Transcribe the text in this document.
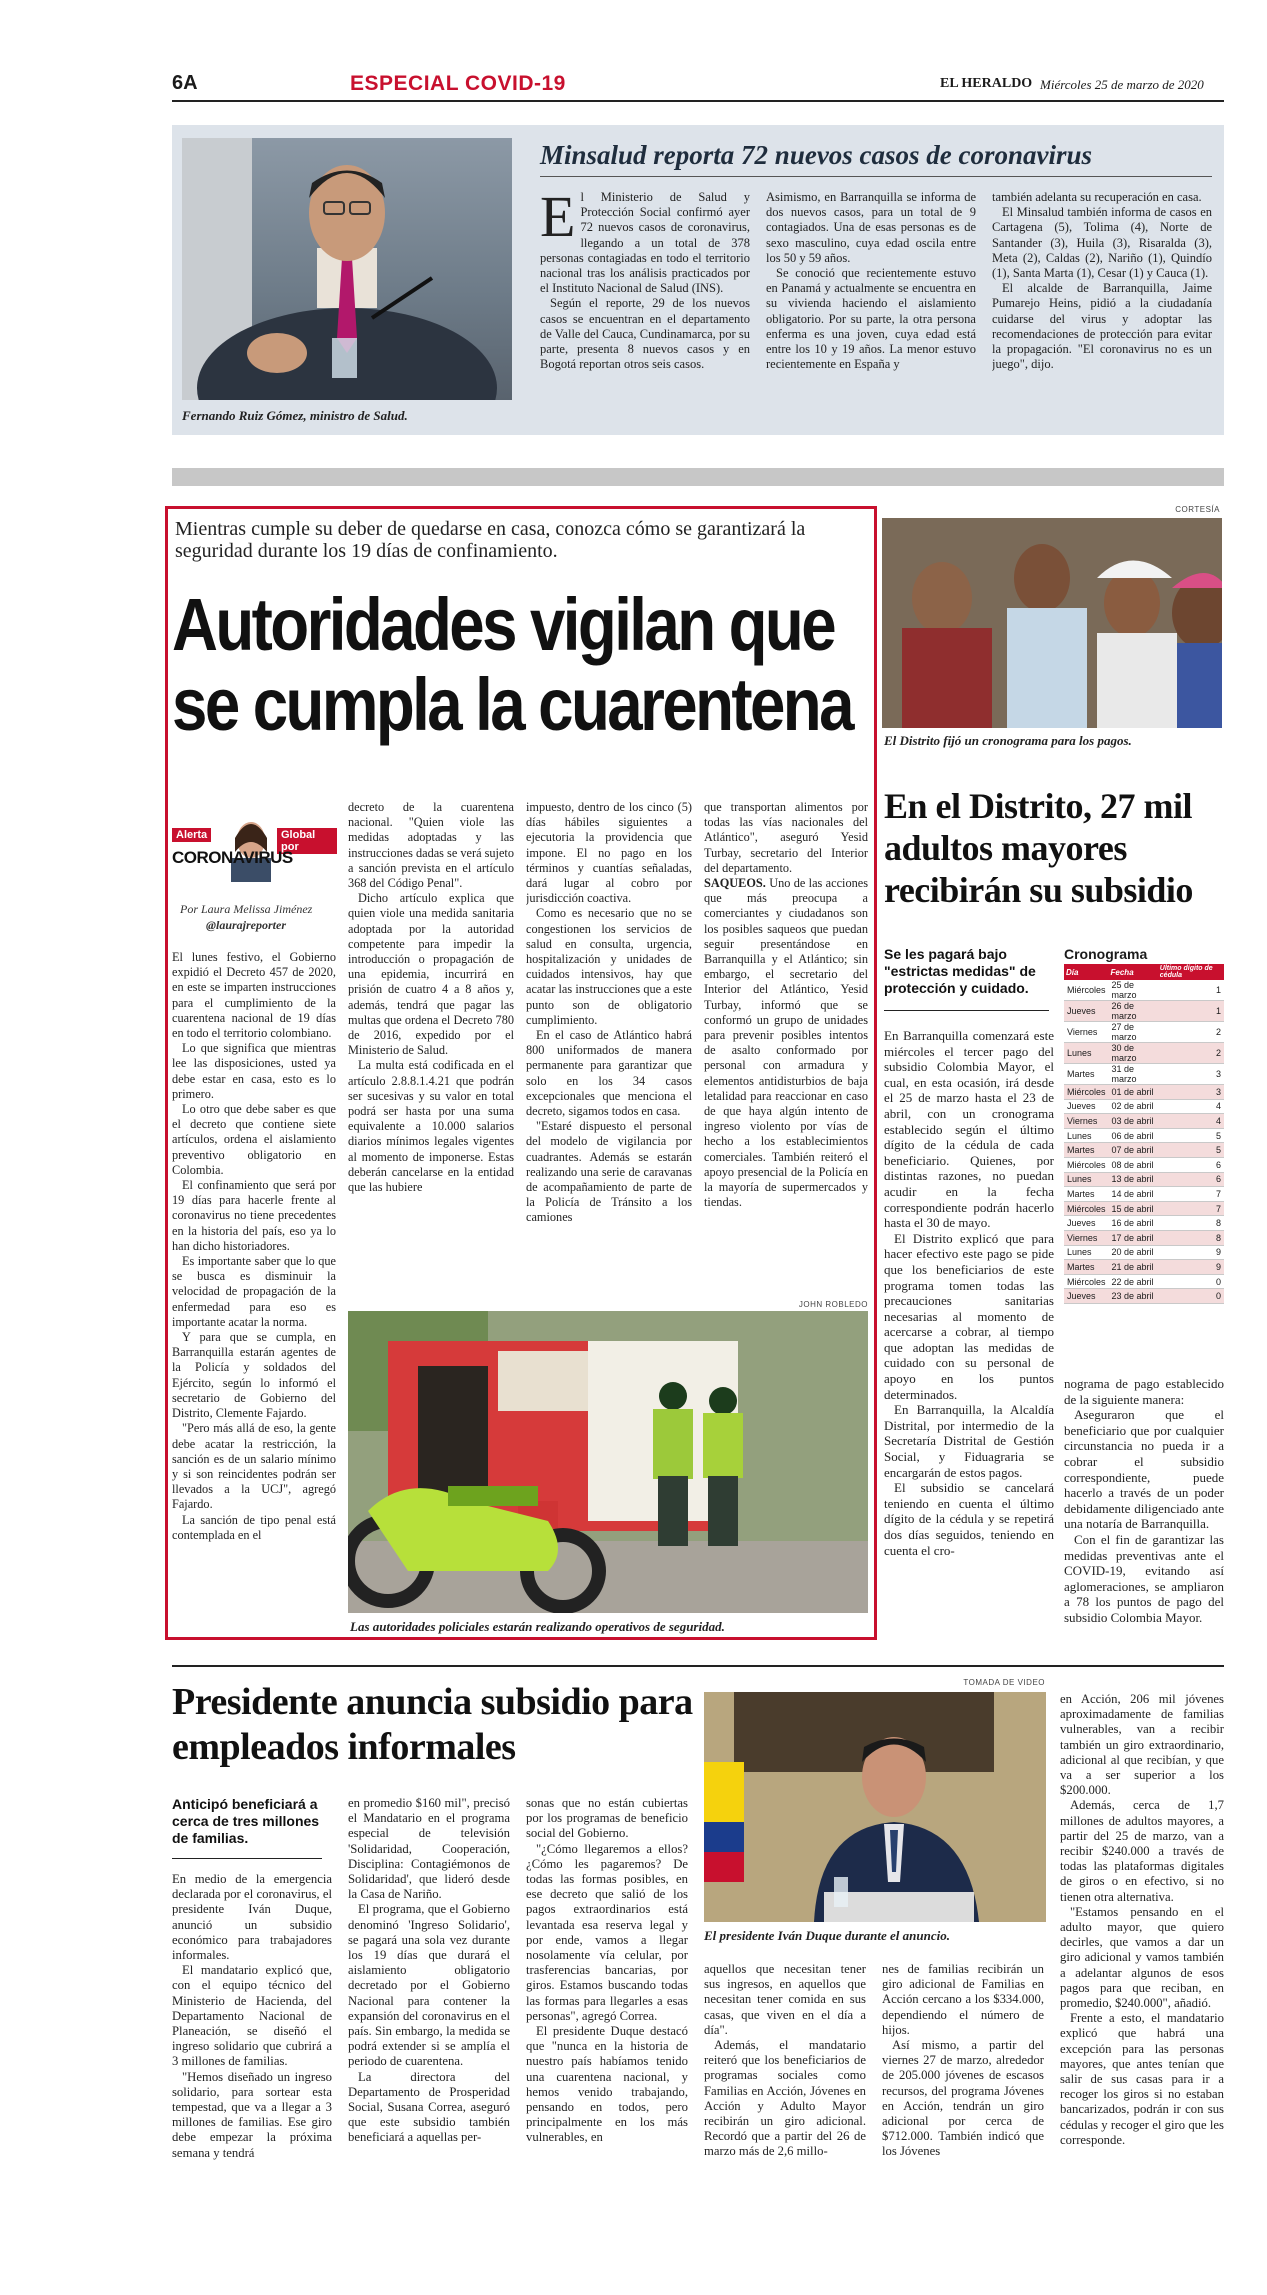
6A	ESPECIAL COVID-19	EL HERALDO Miércoles 25 de marzo de 2020
Fernando Ruiz Gómez, ministro de Salud.
Minsalud reporta 72 nuevos casos de coronavirus
E l Ministerio de Salud y Protección Social confirmó ayer 72 nuevos casos de coronavirus, llegando a un total de 378 personas contagiadas en todo el territorio nacional tras los análisis practicados por el Instituto Nacional de Salud (INS).

Según el reporte, 29 de los nuevos casos se encuentran en el departamento de Valle del Cauca, Cundinamarca, por su parte, presenta 8 nuevos casos y en Bogotá reportan otros seis casos.

Asimismo, en Barranquilla se informa de dos nuevos casos, para un total de 9 contagiados. Una de esas personas es de sexo masculino, cuya edad oscila entre los 50 y 59 años.

Se conoció que recientemente estuvo en Panamá y actualmente se encuentra en su vivienda haciendo el aislamiento obligatorio. Por su parte, la otra persona enferma es una joven, cuya edad está entre los 10 y 19 años. La menor estuvo recientemente en España y

también adelanta su recuperación en casa.

El Minsalud también informa de casos en Cartagena (5), Tolima (4), Norte de Santander (3), Huila (3), Risaralda (3), Meta (2), Caldas (2), Nariño (1), Quindío (1), Santa Marta (1), Cesar (1) y Cauca (1).

El alcalde de Barranquilla, Jaime Pumarejo Heins, pidió a la ciudadanía cuidarse del virus y adoptar las recomendaciones de protección para evitar la propagación. "El coronavirus no es un juego", dijo.

Mientras cumple su deber de quedarse en casa, conozca cómo se garantizará la seguridad durante los 19 días de confinamiento.
Autoridades vigilan que se cumpla la cuarentena
Alerta	Global por
CORONAVIRUS
Por Laura Melissa Jiménez
@laurajreporter

El lunes festivo, el Gobierno expidió el Decreto 457 de 2020, en este se imparten instrucciones para el cumplimiento de la cuarentena nacional de 19 días en todo el territorio colombiano.

Lo que significa que mientras lee las disposiciones, usted ya debe estar en casa, esto es lo primero.

Lo otro que debe saber es que el decreto que contiene siete artículos, ordena el aislamiento preventivo obligatorio en Colombia.

El confinamiento que será por 19 días para hacerle frente al coronavirus no tiene precedentes en la historia del país, eso ya lo han dicho historiadores.

Es importante saber que lo que se busca es disminuir la velocidad de propagación de la enfermedad para eso es importante acatar la norma.

Y para que se cumpla, en Barranquilla estarán agentes de la Policía y soldados del Ejército, según lo informó el secretario de Gobierno del Distrito, Clemente Fajardo.

"Pero más allá de eso, la gente debe acatar la restricción, la sanción es de un salario mínimo y si son reincidentes podrán ser llevados a la UCJ", agregó Fajardo.

La sanción de tipo penal está contemplada en el

decreto de la cuarentena nacional. "Quien viole las medidas adoptadas y las instrucciones dadas se verá sujeto a sanción prevista en el artículo 368 del Código Penal".

Dicho artículo explica que quien viole una medida sanitaria adoptada por la autoridad competente para impedir la introducción o propagación de una epidemia, incurrirá en prisión de cuatro 4 a 8 años y, además, tendrá que pagar las multas que ordena el Decreto 780 de 2016, expedido por el Ministerio de Salud.

La multa está codificada en el artículo 2.8.8.1.4.21 que podrán ser sucesivas y su valor en total podrá ser hasta por una suma equivalente a 10.000 salarios diarios mínimos legales vigentes al momento de imponerse. Estas deberán cancelarse en la entidad que las hubiere

impuesto, dentro de los cinco (5) días hábiles siguientes a ejecutoria la providencia que impone. El no pago en los términos y cuantías señaladas, dará lugar al cobro por jurisdicción coactiva.

Como es necesario que no se congestionen los servicios de salud en consulta, urgencia, hospitalización y unidades de cuidados intensivos, hay que acatar las instrucciones que a este punto son de obligatorio cumplimiento.

En el caso de Atlántico habrá 800 uniformados de manera permanente para garantizar que solo en los 34 casos excepcionales que menciona el decreto, sigamos todos en casa.

"Estaré dispuesto el personal del modelo de vigilancia por cuadrantes. Además se estarán realizando una serie de caravanas de acompañamiento de parte de la Policía de Tránsito a los camiones

que transportan alimentos por todas las vías nacionales del Atlántico", aseguró Yesid Turbay, secretario del Interior del departamento.

SAQUEOS. Uno de las acciones que más preocupa a comerciantes y ciudadanos son los posibles saqueos que puedan seguir presentándose en Barranquilla y el Atlántico; sin embargo, el secretario del Interior del Atlántico, Yesid Turbay, informó que se conformó un grupo de unidades para prevenir posibles intentos de asalto conformado por personal con armadura y elementos antidisturbios de baja letalidad para reaccionar en caso de que haya algún intento de ingreso violento por vías de hecho a los establecimientos comerciales. También reiteró el apoyo presencial de la Policía en la mayoría de supermercados y tiendas.

JOHN ROBLEDO
Las autoridades policiales estarán realizando operativos de seguridad.
CORTESÍA
El Distrito fijó un cronograma para los pagos.
En el Distrito, 27 mil adultos mayores recibirán su subsidio
Se les pagará bajo "estrictas medidas" de protección y cuidado.

En Barranquilla comenzará este miércoles el tercer pago del subsidio Colombia Mayor, el cual, en esta ocasión, irá desde el 25 de marzo hasta el 23 de abril, con un cronograma establecido según el último dígito de la cédula de cada beneficiario. Quienes, por distintas razones, no puedan acudir en la fecha correspondiente podrán hacerlo hasta el 30 de mayo.

El Distrito explicó que para hacer efectivo este pago se pide que los beneficiarios de este programa tomen todas las precauciones sanitarias necesarias al momento de acercarse a cobrar, al tiempo que adoptan las medidas de cuidado con su personal de apoyo en los puntos determinados.

En Barranquilla, la Alcaldía Distrital, por intermedio de la Secretaría Distrital de Gestión Social, y Fiduagraria se encargarán de estos pagos.

El subsidio se cancelará teniendo en cuenta el último dígito de la cédula y se repetirá dos días seguidos, teniendo en cuenta el cro-

Cronograma
Día	Fecha	Último dígito de cédula
Miércoles	25 de marzo	1
Jueves	26 de marzo	1
Viernes	27 de marzo	2
Lunes	30 de marzo	2
Martes	31 de marzo	3
Miércoles	01 de abril	3
Jueves	02 de abril	4
Viernes	03 de abril	4
Lunes	06 de abril	5
Martes	07 de abril	5
Miércoles	08 de abril	6
Lunes	13 de abril	6
Martes	14 de abril	7
Miércoles	15 de abril	7
Jueves	16 de abril	8
Viernes	17 de abril	8
Lunes	20 de abril	9
Martes	21 de abril	9
Miércoles	22 de abril	0
Jueves	23 de abril	0

nograma de pago establecido de la siguiente manera:

Aseguraron que el beneficiario que por cualquier circunstancia no pueda ir a cobrar el subsidio correspondiente, puede hacerlo a través de un poder debidamente diligenciado ante una notaría de Barranquilla.

Con el fin de garantizar las medidas preventivas ante el COVID-19, evitando así aglomeraciones, se ampliaron a 78 los puntos de pago del subsidio Colombia Mayor.

Presidente anuncia subsidio para empleados informales
Anticipó beneficiará a cerca de tres millones de familias.

En medio de la emergencia declarada por el coronavirus, el presidente Iván Duque, anunció un subsidio económico para trabajadores informales.

El mandatario explicó que, con el equipo técnico del Ministerio de Hacienda, del Departamento Nacional de Planeación, se diseñó el ingreso solidario que cubrirá a 3 millones de familias.

"Hemos diseñado un ingreso solidario, para sortear esta tempestad, que va a llegar a 3 millones de familias. Ese giro debe empezar la próxima semana y tendrá

en promedio $160 mil", precisó el Mandatario en el programa especial de televisión 'Solidaridad, Cooperación, Disciplina: Contagiémonos de Solidaridad', que lideró desde la Casa de Nariño.

El programa, que el Gobierno denominó 'Ingreso Solidario', se pagará una sola vez durante los 19 días que durará el aislamiento obligatorio decretado por el Gobierno Nacional para contener la expansión del coronavirus en el país. Sin embargo, la medida se podrá extender si se amplía el periodo de cuarentena.

La directora del Departamento de Prosperidad Social, Susana Correa, aseguró que este subsidio también beneficiará a aquellas per-

sonas que no están cubiertas por los programas de beneficio social del Gobierno.

"¿Cómo llegaremos a ellos? ¿Cómo les pagaremos? De todas las formas posibles, en ese decreto que salió de los pagos extraordinarios está levantada esa reserva legal y por ende, vamos a llegar nosolamente vía celular, por trasferencias bancarias, por giros. Estamos buscando todas las formas para llegarles a esas personas", agregó Correa.

El presidente Duque destacó que "nunca en la historia de nuestro país habíamos tenido una cuarentena nacional, y hemos venido trabajando, pensando en todos, pero principalmente en los más vulnerables, en

TOMADA DE VIDEO
El presidente Iván Duque durante el anuncio.

aquellos que necesitan tener sus ingresos, en aquellos que necesitan tener comida en sus casas, que viven en el día a día".

Además, el mandatario reiteró que los beneficiarios de programas sociales como Familias en Acción, Jóvenes en Acción y Adulto Mayor recibirán un giro adicional. Recordó que a partir del 26 de marzo más de 2,6 millo-

nes de familias recibirán un giro adicional de Familias en Acción cercano a los $334.000, dependiendo el número de hijos.

Así mismo, a partir del viernes 27 de marzo, alrededor de 205.000 jóvenes de escasos recursos, del programa Jóvenes en Acción, tendrán un giro adicional por cerca de $712.000. También indicó que los Jóvenes

en Acción, 206 mil jóvenes aproximadamente de familias vulnerables, van a recibir también un giro extraordinario, adicional al que recibían, y que va a ser superior a los $200.000.

Además, cerca de 1,7 millones de adultos mayores, a partir del 25 de marzo, van a recibir $240.000 a través de todas las plataformas digitales de giros o en efectivo, si no tienen otra alternativa.

"Estamos pensando en el adulto mayor, que quiero decirles, que vamos a dar un giro adicional y vamos también a adelantar algunos de esos pagos para que reciban, en promedio, $240.000", añadió.

Frente a esto, el mandatario explicó que habrá una excepción para las personas mayores, que antes tenían que salir de sus casas para ir a recoger los giros si no estaban bancarizados, podrán ir con sus cédulas y recoger el giro que les corresponde.
